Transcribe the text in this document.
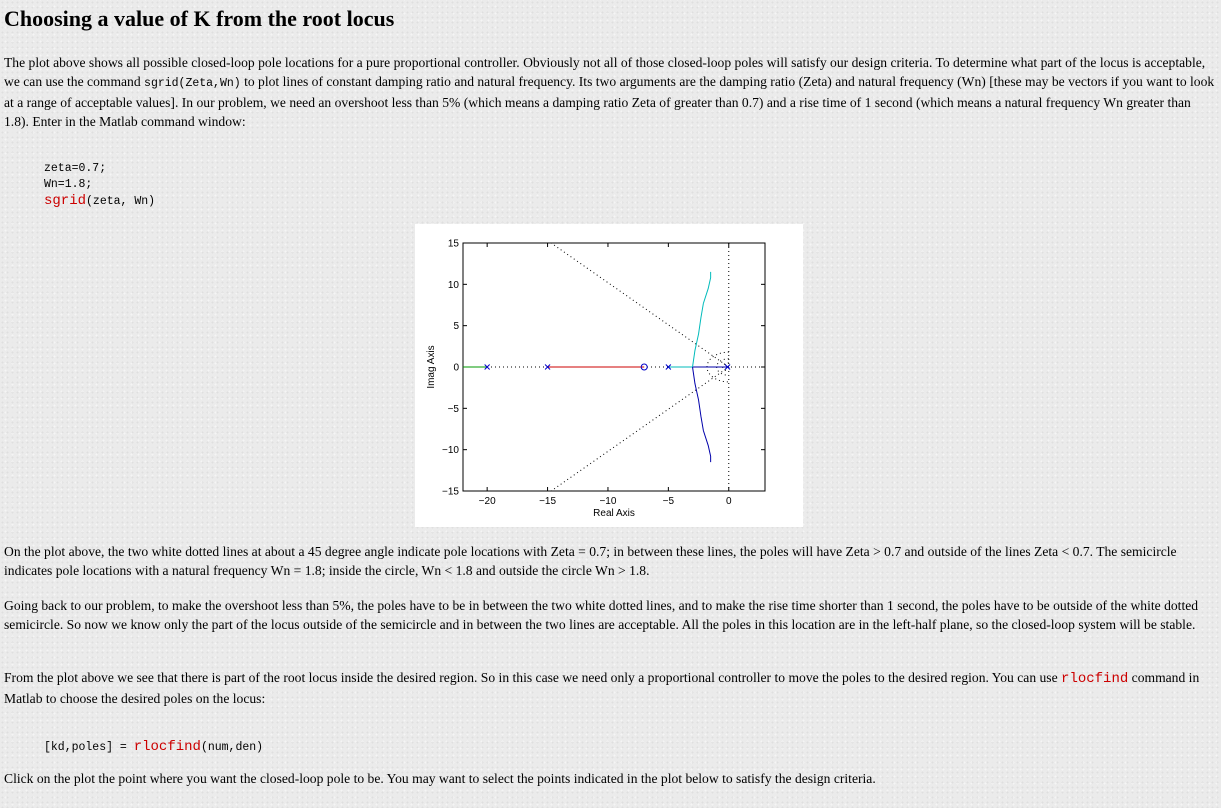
Choosing a value of K from the root locus

The plot above shows all possible closed-loop pole locations for a pure proportional controller. Obviously not all of those closed-loop poles will satisfy our design criteria. To determine what part of the locus is acceptable, we can use the command sgrid(Zeta,Wn) to plot lines of constant damping ratio and natural frequency. Its two arguments are the damping ratio (Zeta) and natural frequency (Wn) [these may be vectors if you want to look at a range of acceptable values]. In our problem, we need an overshoot less than 5% (which means a damping ratio Zeta of greater than 0.7) and a rise time of 1 second (which means a natural frequency Wn greater than 1.8). Enter in the Matlab command window:

zeta=0.7;
Wn=1.8;
sgrid(zeta, Wn)
−20	−15	−10	−5	0
15
10
5
0
−5
−10
−15
Real Axis
Imag Axis

On the plot above, the two white dotted lines at about a 45 degree angle indicate pole locations with Zeta = 0.7; in between these lines, the poles will have Zeta > 0.7 and outside of the lines Zeta < 0.7. The semicircle indicates pole locations with a natural frequency Wn = 1.8; inside the circle, Wn < 1.8 and outside the circle Wn > 1.8.

Going back to our problem, to make the overshoot less than 5%, the poles have to be in between the two white dotted lines, and to make the rise time shorter than 1 second, the poles have to be outside of the white dotted semicircle. So now we know only the part of the locus outside of the semicircle and in between the two lines are acceptable. All the poles in this location are in the left-half plane, so the closed-loop system will be stable.

From the plot above we see that there is part of the root locus inside the desired region. So in this case we need only a proportional controller to move the poles to the desired region. You can use rlocfind command in Matlab to choose the desired poles on the locus:

[kd,poles] = rlocfind(num,den)

Click on the plot the point where you want the closed-loop pole to be. You may want to select the points indicated in the plot below to satisfy the design criteria.
